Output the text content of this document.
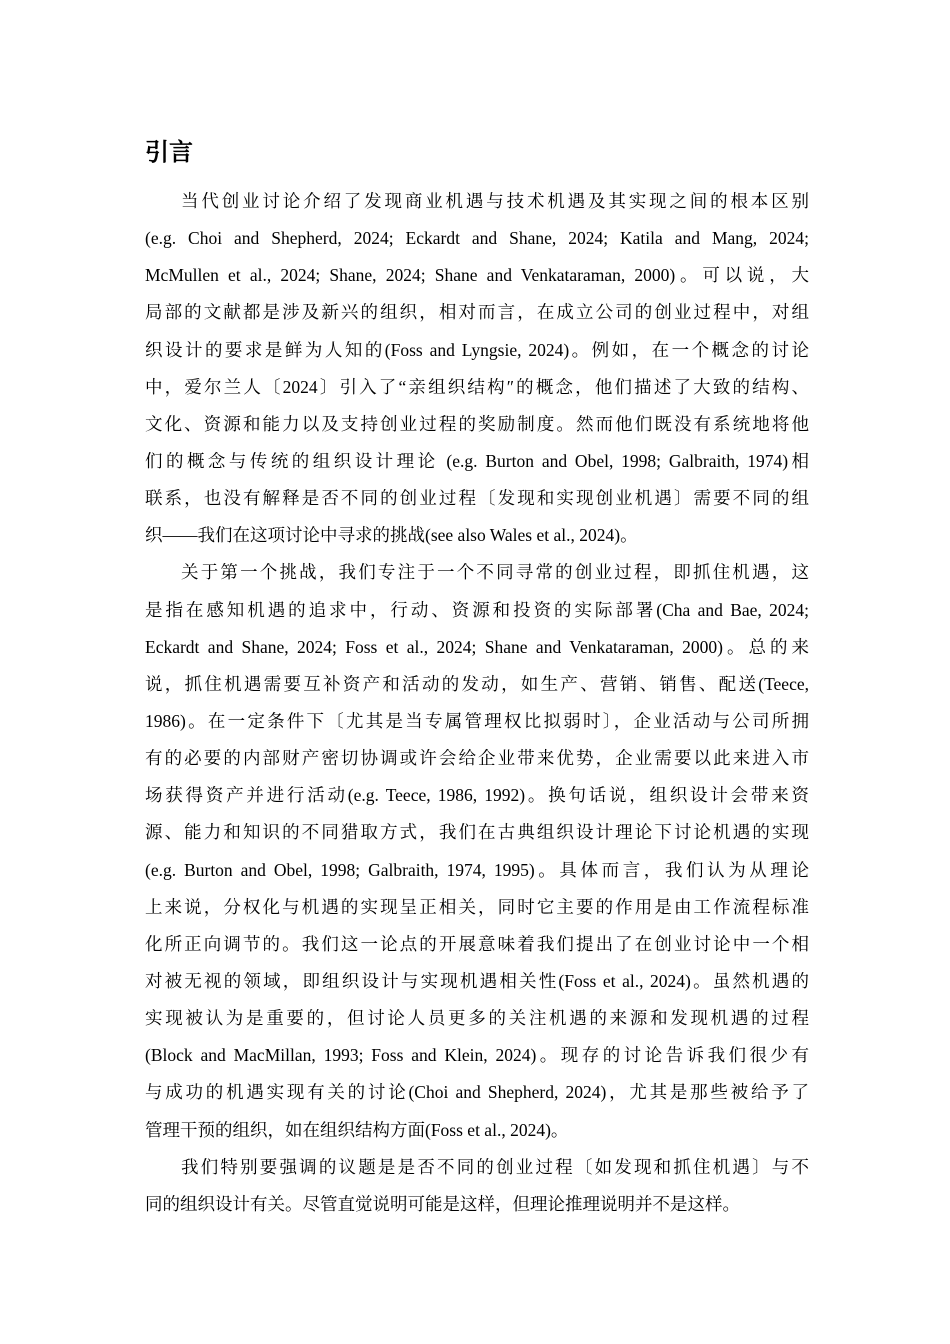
引言
当代创业讨论介绍了发现商业机遇与技术机遇及其实现之间的根本区别
(e.g. Choi and Shepherd, 2024; Eckardt and Shane, 2024; Katila and Mang, 2024;
McMullen et al., 2024; Shane, 2024; Shane and Venkataraman, 2000)。可以说，大
局部的文献都是涉及新兴的组织，相对而言，在成立公司的创业过程中，对组
织设计的要求是鲜为人知的(Foss and Lyngsie, 2024)。例如，在一个概念的讨论
中，爱尔兰人〔2024〕引入了“亲组织结构″的概念，他们描述了大致的结构、
文化、资源和能力以及支持创业过程的奖励制度。然而他们既没有系统地将他
们的概念与传统的组织设计理论 (e.g. Burton and Obel, 1998; Galbraith, 1974)相
联系，也没有解释是否不同的创业过程〔发现和实现创业机遇〕需要不同的组
织——我们在这项讨论中寻求的挑战(see also Wales et al., 2024)。
关于第一个挑战，我们专注于一个不同寻常的创业过程，即抓住机遇，这
是指在感知机遇的追求中，行动、资源和投资的实际部署(Cha and Bae, 2024;
Eckardt and Shane, 2024; Foss et al., 2024; Shane and Venkataraman, 2000)。总的来
说，抓住机遇需要互补资产和活动的发动，如生产、营销、销售、配送(Teece,
1986)。在一定条件下〔尤其是当专属管理权比拟弱时〕，企业活动与公司所拥
有的必要的内部财产密切协调或许会给企业带来优势，企业需要以此来进入市
场获得资产并进行活动(e.g. Teece, 1986, 1992)。换句话说，组织设计会带来资
源、能力和知识的不同猎取方式，我们在古典组织设计理论下讨论机遇的实现
(e.g. Burton and Obel, 1998; Galbraith, 1974, 1995)。具体而言，我们认为从理论
上来说，分权化与机遇的实现呈正相关，同时它主要的作用是由工作流程标准
化所正向调节的。我们这一论点的开展意味着我们提出了在创业讨论中一个相
对被无视的领域，即组织设计与实现机遇相关性(Foss et al., 2024)。虽然机遇的
实现被认为是重要的，但讨论人员更多的关注机遇的来源和发现机遇的过程
(Block and MacMillan, 1993; Foss and Klein, 2024)。现存的讨论告诉我们很少有
与成功的机遇实现有关的讨论(Choi and Shepherd, 2024)，尤其是那些被给予了
管理干预的组织，如在组织结构方面(Foss et al., 2024)。
我们特别要强调的议题是是否不同的创业过程〔如发现和抓住机遇〕与不
同的组织设计有关。尽管直觉说明可能是这样，但理论推理说明并不是这样。
